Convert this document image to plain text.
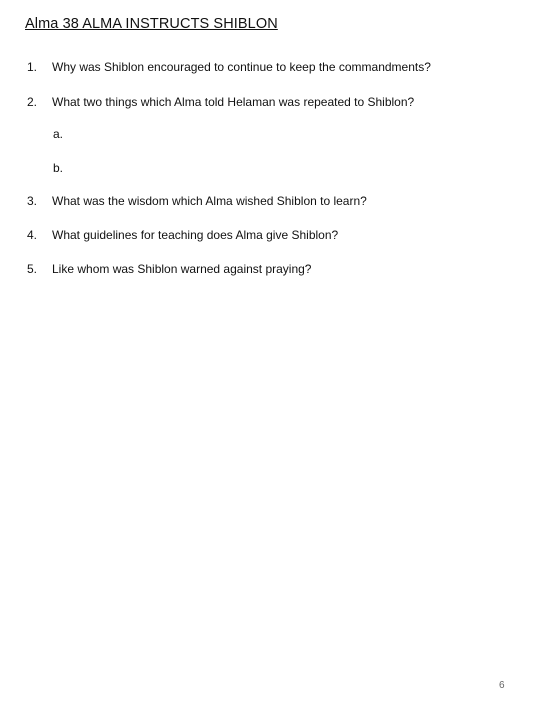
Alma 38 ALMA INSTRUCTS SHIBLON
1. Why was Shiblon encouraged to continue to keep the commandments?
2. What two things which Alma told Helaman was repeated to Shiblon?
a.
b.
3. What was the wisdom which Alma wished Shiblon to learn?
4. What guidelines for teaching does Alma give Shiblon?
5. Like whom was Shiblon warned against praying?
6
